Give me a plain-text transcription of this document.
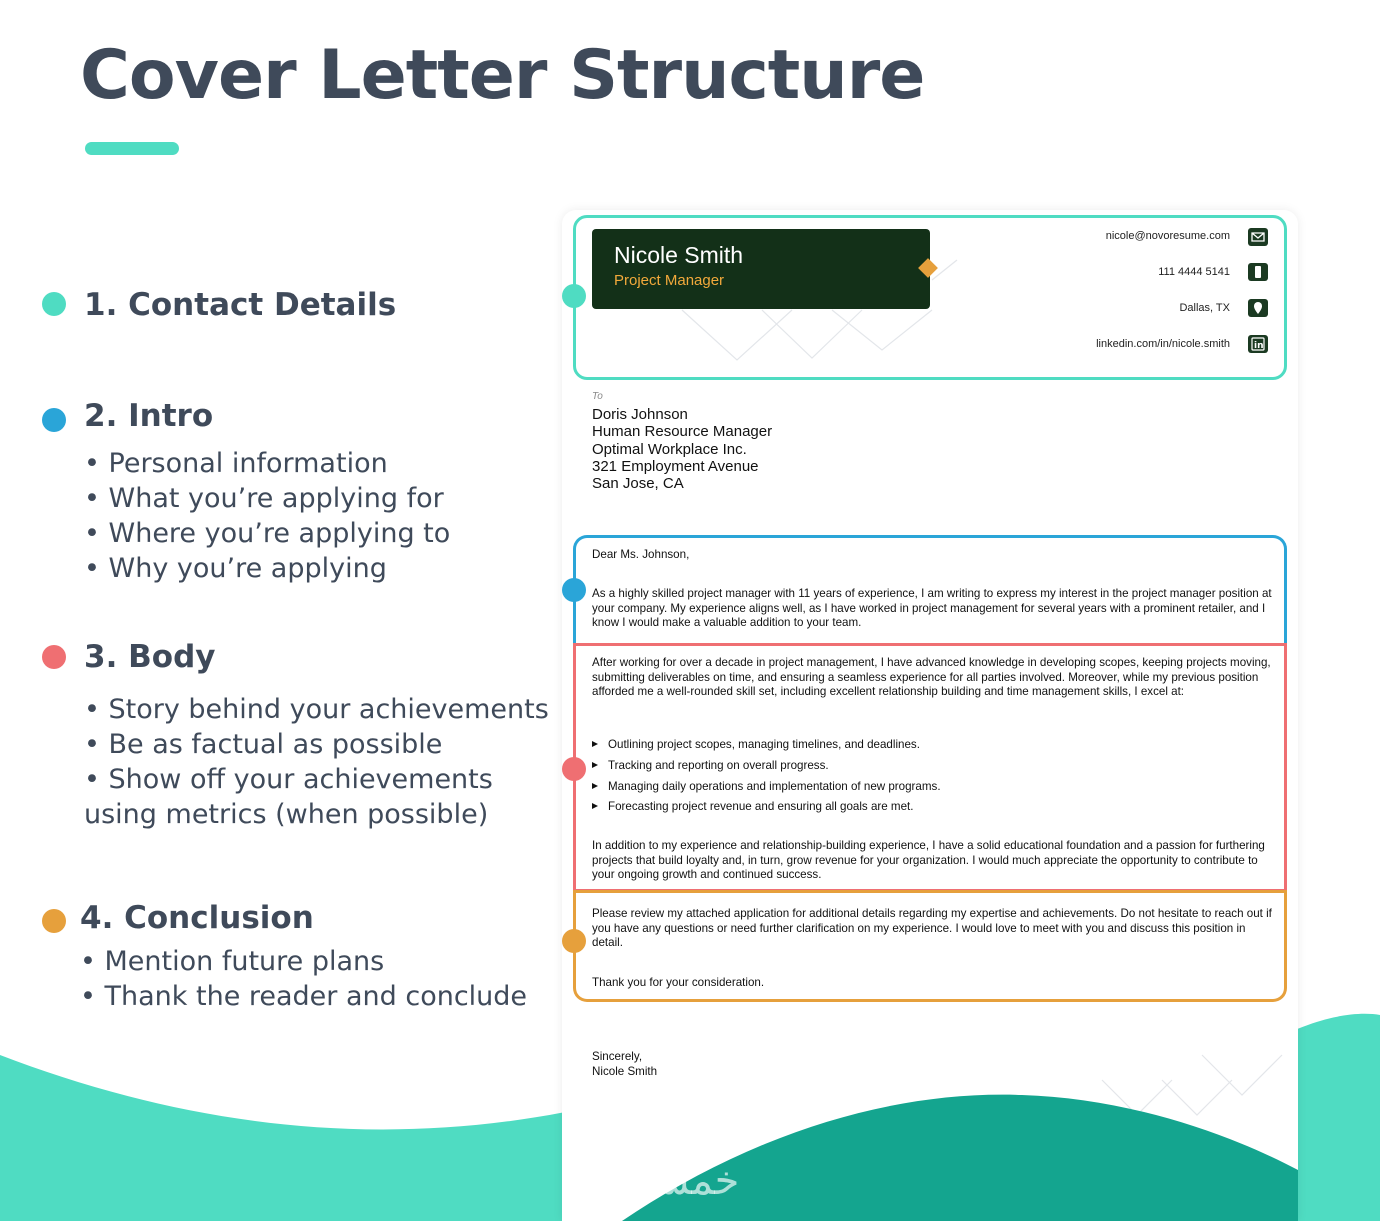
Cover Letter Structure
1. Contact Details
2. Intro
• Personal information
• What you’re applying for
• Where you’re applying to
• Why you’re applying
3. Body
• Story behind your achievements
• Be as factual as possible
• Show off your achievements
using metrics (when possible)
4. Conclusion
• Mention future plans
• Thank the reader and conclude
Nicole Smith
Project Manager
nicole@novoresume.com
111 4444 5141
Dallas, TX
linkedin.com/in/nicole.smith	in
To
Doris Johnson
Human Resource Manager
Optimal Workplace Inc.
321 Employment Avenue
San Jose, CA
Dear Ms. Johnson,
As a highly skilled project manager with 11 years of experience, I am writing to express my interest in the project manager position at your company. My experience aligns well, as I have worked in project management for several years with a prominent retailer, and I know I would make a valuable addition to your team.
After working for over a decade in project management, I have advanced knowledge in developing scopes, keeping projects moving, submitting deliverables on time, and ensuring a seamless experience for all parties involved. Moreover, while my previous position afforded me a well-rounded skill set, including excellent relationship building and time management skills, I excel at:
Outlining project scopes, managing timelines, and deadlines.
Tracking and reporting on overall progress.
Managing daily operations and implementation of new programs.
Forecasting project revenue and ensuring all goals are met.
In addition to my experience and relationship-building experience, I have a solid educational foundation and a passion for furthering projects that build loyalty and, in turn, grow revenue for your organization. I would much appreciate the opportunity to contribute to your ongoing growth and continued success.
Please review my attached application for additional details regarding my expertise and achievements. Do not hesitate to reach out if you have any questions or need further clarification on my experience. I would love to meet with you and discuss this position in detail.
Thank you for your consideration.
Sincerely,
Nicole Smith
خمسات
